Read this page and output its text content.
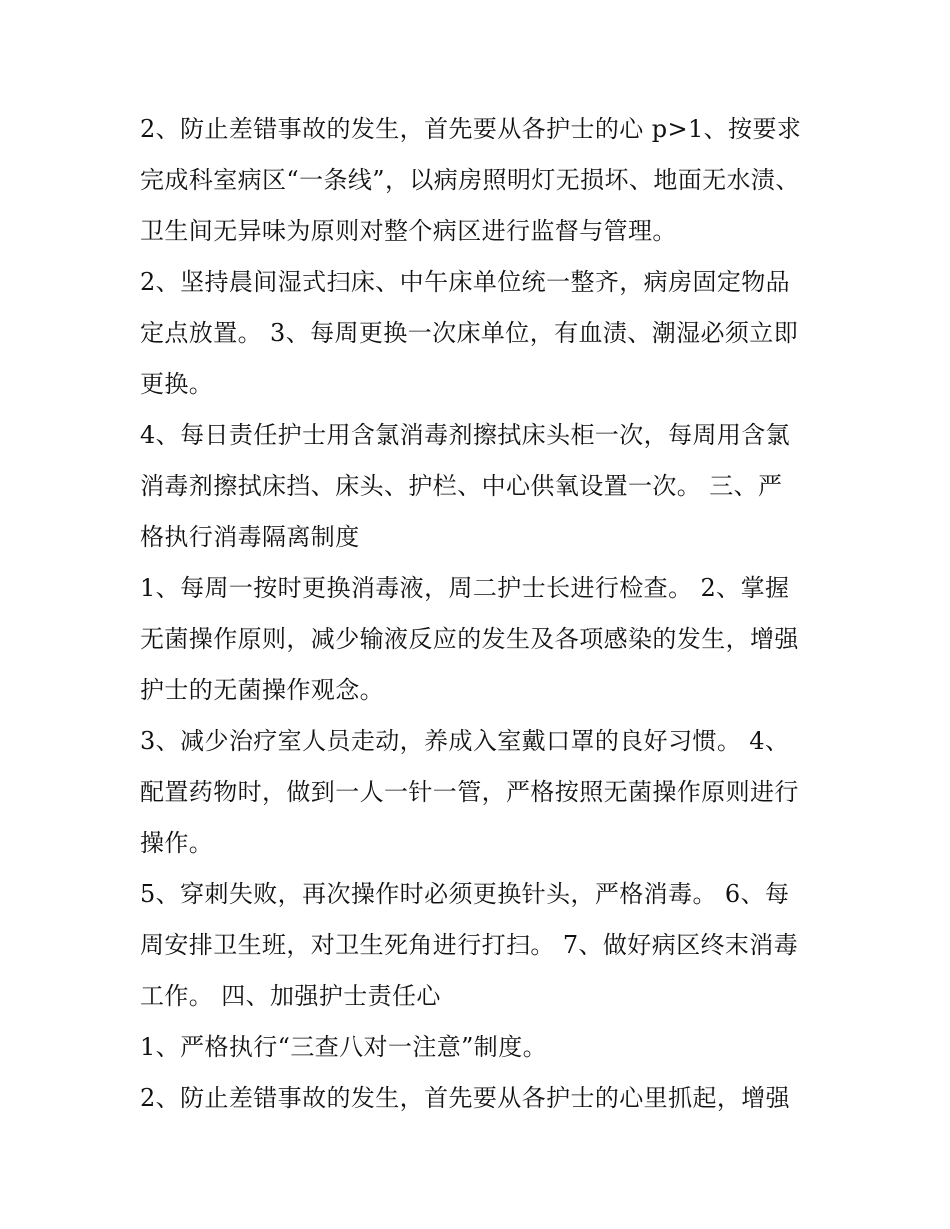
2、防止差错事故的发生，首先要从各护士的心 p>1、按要求

完成科室病区“一条线”，以病房照明灯无损坏、地面无水渍、

卫生间无异味为原则对整个病区进行监督与管理。

2、坚持晨间湿式扫床、中午床单位统一整齐，病房固定物品

定点放置。 3、每周更换一次床单位，有血渍、潮湿必须立即

更换。

4、每日责任护士用含氯消毒剂擦拭床头柜一次，每周用含氯

消毒剂擦拭床挡、床头、护栏、中心供氧设置一次。 三、严

格执行消毒隔离制度

1、每周一按时更换消毒液，周二护士长进行检查。 2、掌握

无菌操作原则，减少输液反应的发生及各项感染的发生，增强

护士的无菌操作观念。

3、减少治疗室人员走动，养成入室戴口罩的良好习惯。 4、

配置药物时，做到一人一针一管，严格按照无菌操作原则进行

操作。

5、穿刺失败，再次操作时必须更换针头，严格消毒。 6、每

周安排卫生班，对卫生死角进行打扫。 7、做好病区终末消毒

工作。 四、加强护士责任心

1、严格执行“三查八对一注意”制度。

2、防止差错事故的发生，首先要从各护士的心里抓起，增强
